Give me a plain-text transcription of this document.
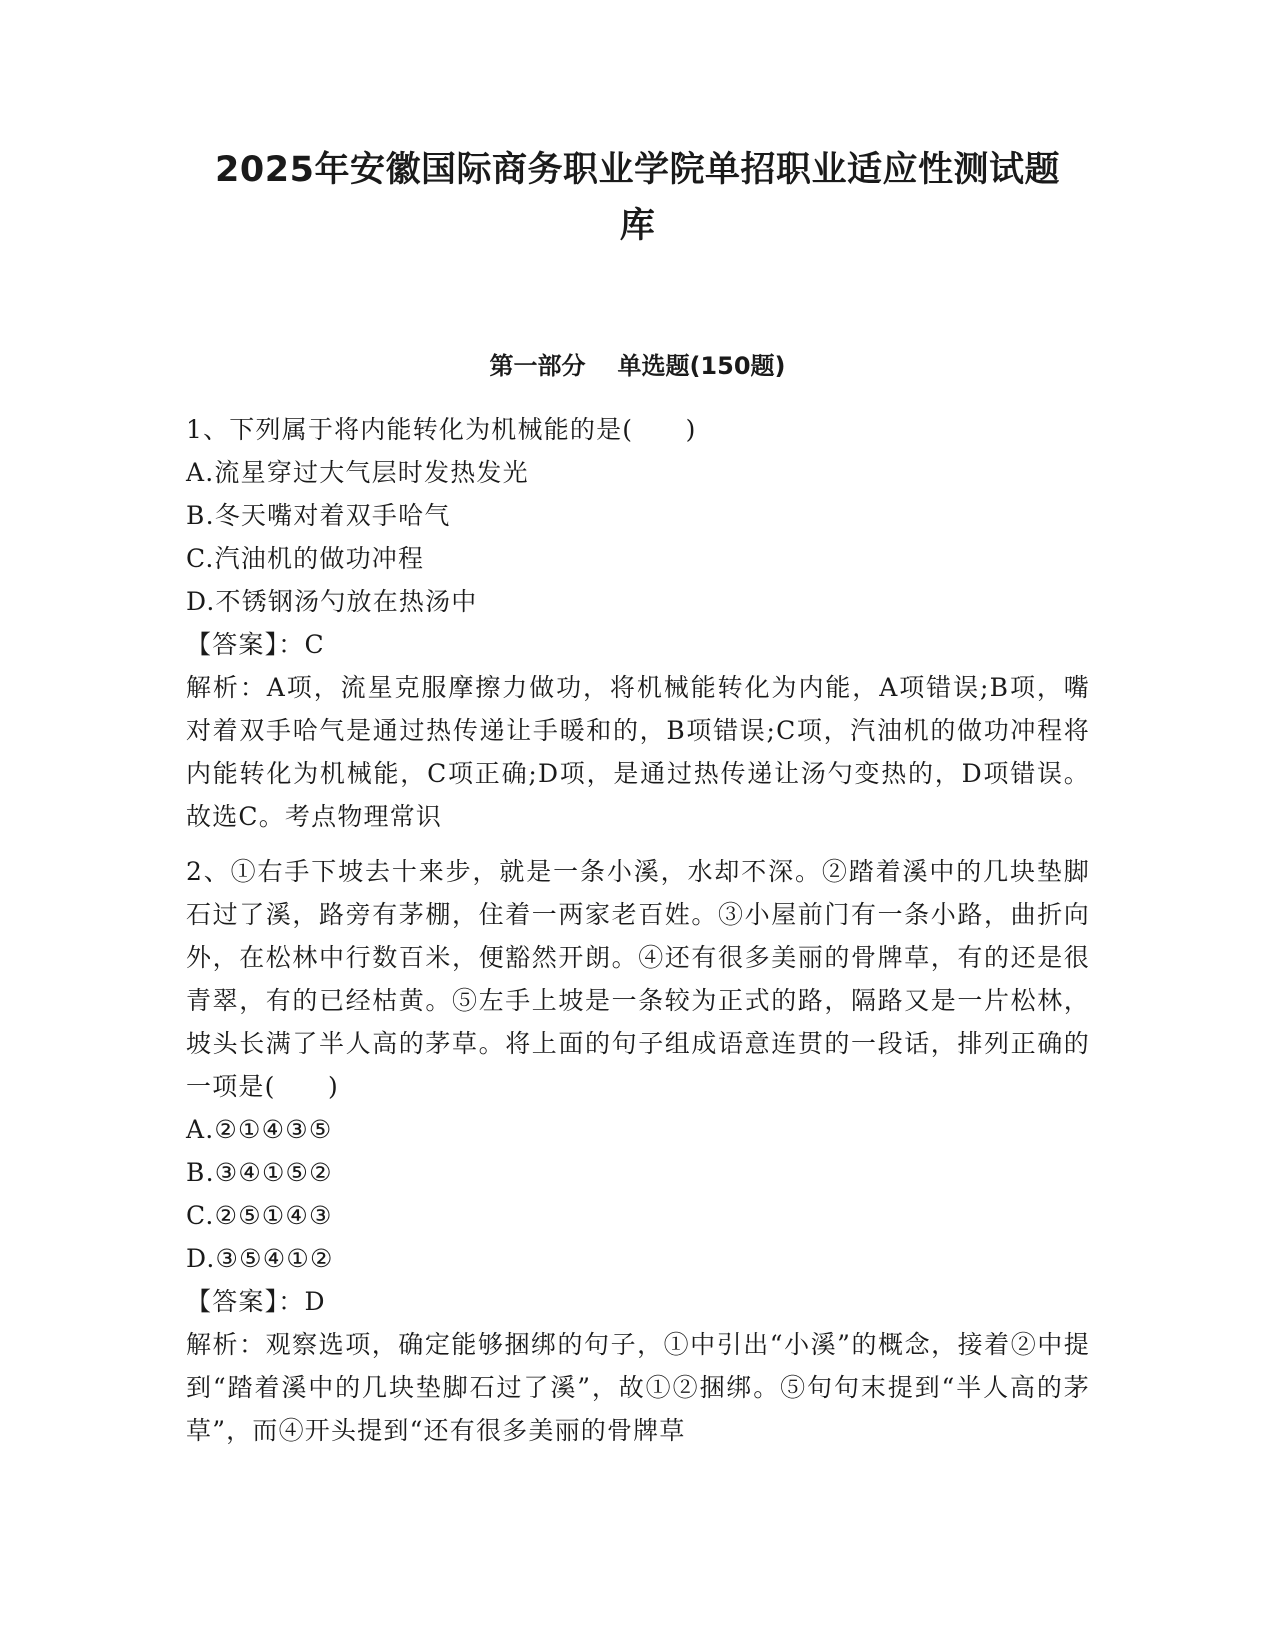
2025年安徽国际商务职业学院单招职业适应性测试题
库
第一部分 单选题(150题)

1、下列属于将内能转化为机械能的是(　　)

A.流星穿过大气层时发热发光

B.冬天嘴对着双手哈气

C.汽油机的做功冲程

D.不锈钢汤勺放在热汤中

【答案】：C

解析：A项，流星克服摩擦力做功，将机械能转化为内能，A项错误;B项，嘴对着双手哈气是通过热传递让手暖和的，B项错误;C项，汽油机的做功冲程将内能转化为机械能，C项正确;D项，是通过热传递让汤勺变热的，D项错误。故选C。考点物理常识

2、①右手下坡去十来步，就是一条小溪，水却不深。②踏着溪中的几块垫脚石过了溪，路旁有茅棚，住着一两家老百姓。③小屋前门有一条小路，曲折向外，在松林中行数百米，便豁然开朗。④还有很多美丽的骨牌草，有的还是很青翠，有的已经枯黄。⑤左手上坡是一条较为正式的路，隔路又是一片松林，坡头长满了半人高的茅草。将上面的句子组成语意连贯的一段话，排列正确的一项是(　　)

A.②①④③⑤

B.③④①⑤②

C.②⑤①④③

D.③⑤④①②

【答案】：D

解析：观察选项，确定能够捆绑的句子，①中引出“小溪”的概念，接着②中提到“踏着溪中的几块垫脚石过了溪”，故①②捆绑。⑤句句末提到“半人高的茅草”，而④开头提到“还有很多美丽的骨牌草
